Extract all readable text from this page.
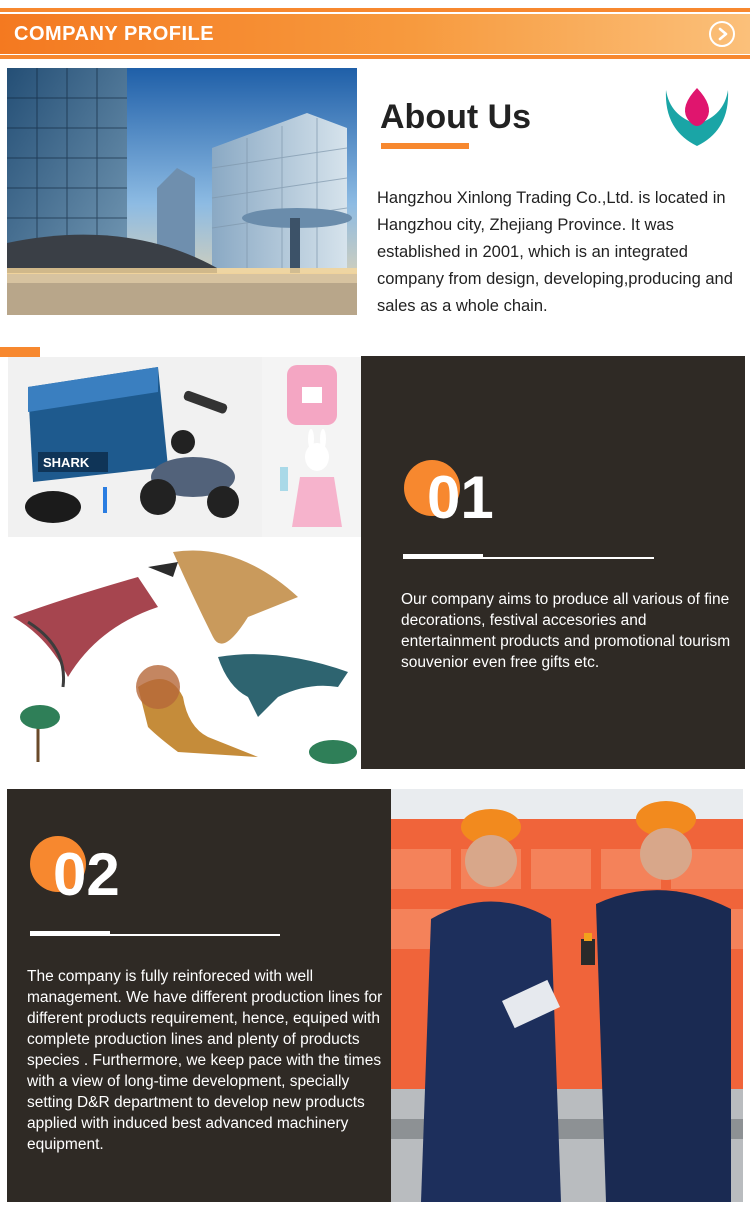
COMPANY PROFILE
About Us

Hangzhou Xinlong Trading Co.,Ltd. is located in Hangzhou city, Zhejiang Province. It was established in 2001, which is an integrated company from design, developing,producing and sales as a whole chain.

SHARK
01

Our company aims to produce all various of fine decorations, festival accesories and entertainment products and promotional tourism souvenior even free gifts etc.

02

The company is fully reinforeced with well management. We have different production lines for different products requirement, hence, equiped with complete production lines and plenty of products species . Furthermore, we keep pace with the times with a view of long-time development, specially setting D&R department to develop new products applied with induced best advanced machinery equipment.
